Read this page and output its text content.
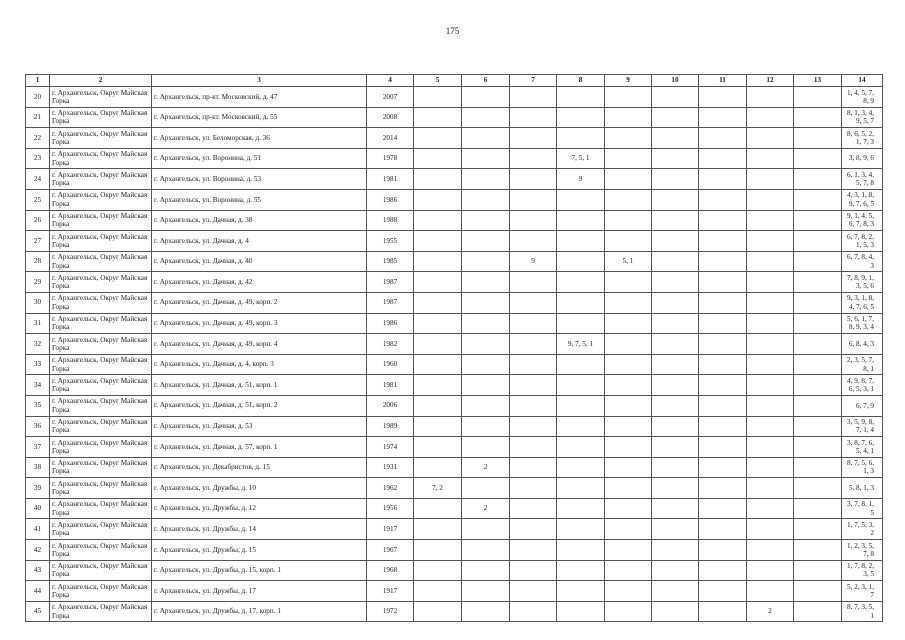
175
1	2	3	4	5	6	7	8	9	10	11	12	13	14
20	г. Архангельск, Округ Майская Горка	г. Архангельск, пр-кт. Московский, д. 47	2007										1, 4, 5, 7, 8, 9
21	г. Архангельск, Округ Майская Горка	г. Архангельск, пр-кт. Московский, д. 55	2008										8, 1, 3, 4, 9, 5, 7
22	г. Архангельск, Округ Майская Горка	г. Архангельск, ул. Беломорская, д. 36	2014										8, 6, 5, 2, 1, 7, 3
23	г. Архангельск, Округ Майская Горка	г. Архангельск, ул. Воронина, д. 51	1978				7, 5, 1						3, 8, 9, 6
24	г. Архангельск, Округ Майская Горка	г. Архангельск, ул. Воронина, д. 53	1981				9						6, 1, 3, 4, 5, 7, 8
25	г. Архангельск, Округ Майская Горка	г. Архангельск, ул. Воронина, д. 55	1986										4, 3, 1, 8, 9, 7, 6, 5
26	г. Архангельск, Округ Майская Горка	г. Архангельск, ул. Дачная, д. 38	1988										9, 1, 4, 5, 6, 7, 8, 3
27	г. Архангельск, Округ Майская Горка	г. Архангельск, ул. Дачная, д. 4	1955										6, 7, 8, 2, 1, 5, 3
28	г. Архангельск, Округ Майская Горка	г. Архангельск, ул. Дачная, д. 40	1985			9		5, 1					6, 7, 8, 4, 3
29	г. Архангельск, Округ Майская Горка	г. Архангельск, ул. Дачная, д. 42	1987										7, 8, 9, 1, 3, 5, 6
30	г. Архангельск, Округ Майская Горка	г. Архангельск, ул. Дачная, д. 49, корп. 2	1987										9, 3, 1, 8, 4, 7, 6, 5
31	г. Архангельск, Округ Майская Горка	г. Архангельск, ул. Дачная, д. 49, корп. 3	1986										5, 6, 1, 7, 8, 9, 3, 4
32	г. Архангельск, Округ Майская Горка	г. Архангельск, ул. Дачная, д. 49, корп. 4	1982				9, 7, 5, 1						6, 8, 4, 3
33	г. Архангельск, Округ Майская Горка	г. Архангельск, ул. Дачная, д. 4, корп. 3	1960										2, 3, 5, 7, 8, 1
34	г. Архангельск, Округ Майская Горка	г. Архангельск, ул. Дачная, д. 51, корп. 1	1981										4, 9, 8, 7, 6, 5, 3, 1
35	г. Архангельск, Округ Майская Горка	г. Архангельск, ул. Дачная, д. 51, корп. 2	2006										6, 7, 9
36	г. Архангельск, Округ Майская Горка	г. Архангельск, ул. Дачная, д. 53	1989										3, 5, 9, 8, 7, 1, 4
37	г. Архангельск, Округ Майская Горка	г. Архангельск, ул. Дачная, д. 57, корп. 1	1974										3, 8, 7, 6, 5, 4, 1
38	г. Архангельск, Округ Майская Горка	г. Архангельск, ул. Декабристов, д. 15	1931		2								8, 7, 5, 6, 1, 3
39	г. Архангельск, Округ Майская Горка	г. Архангельск, ул. Дружбы, д. 10	1962	7, 2									5, 8, 1, 3
40	г. Архангельск, Округ Майская Горка	г. Архангельск, ул. Дружбы, д. 12	1956		2								3, 7, 8, 1, 5
41	г. Архангельск, Округ Майская Горка	г. Архангельск, ул. Дружбы, д. 14	1917										1, 7, 5, 3, 2
42	г. Архангельск, Округ Майская Горка	г. Архангельск, ул. Дружбы, д. 15	1967										1, 2, 3, 5, 7, 8
43	г. Архангельск, Округ Майская Горка	г. Архангельск, ул. Дружбы, д. 15, корп. 1	1968										1, 7, 8, 2, 3, 5
44	г. Архангельск, Округ Майская Горка	г. Архангельск, ул. Дружбы, д. 17	1917										5, 2, 3, 1, 7
45	г. Архангельск, Округ Майская Горка	г. Архангельск, ул. Дружбы, д. 17, корп. 1	1972								2		8, 7, 3, 5, 1
